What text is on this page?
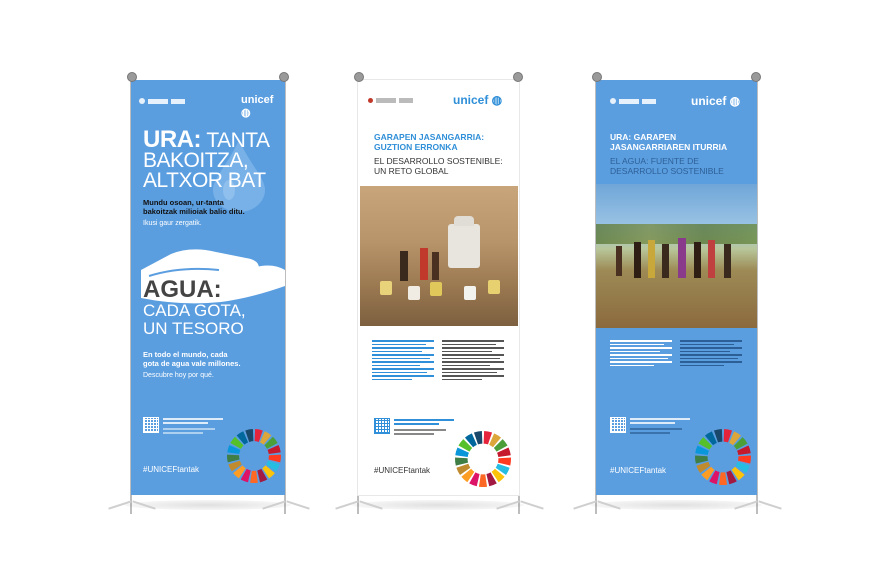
unicef ◍
URA: TANTA
BAKOITZA,
ALTXOR BAT
Mundu osoan, ur-tanta
bakoitzak milioiak balio ditu.
Ikusi gaur zergatik.
AGUA:
CADA GOTA,
UN TESORO
En todo el mundo, cada
gota de agua vale millones.
Descubre hoy por qué.
#UNICEFtantak
unicef ◍
GARAPEN JASANGARRIA:
GUZTION ERRONKA
EL DESARROLLO SOSTENIBLE:
UN RETO GLOBAL
#UNICEFtantak
unicef ◍
URA: GARAPEN
JASANGARRIAREN ITURRIA
EL AGUA: FUENTE DE
DESARROLLO SOSTENIBLE
#UNICEFtantak
